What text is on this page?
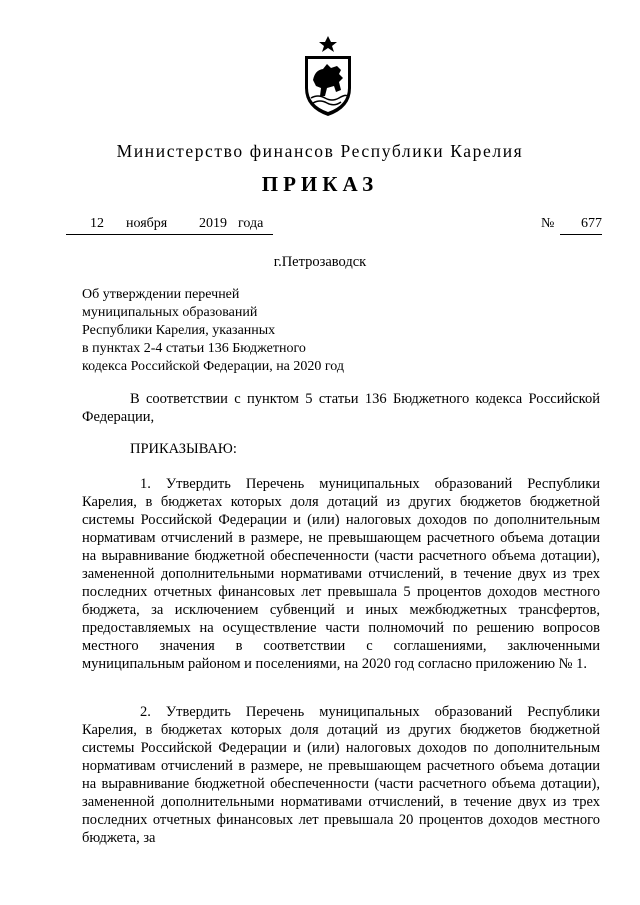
Министерство финансов Республики Карелия
ПРИКАЗ
12 ноября 2019 года	№	677
г.Петрозаводск
Об утверждении перечней
муниципальных образований
Республики Карелия, указанных
в пунктах 2-4 статьи 136 Бюджетного
кодекса Российской Федерации, на 2020 год
В соответствии с пунктом 5 статьи 136 Бюджетного кодекса Российской Федерации,
ПРИКАЗЫВАЮ:
1. Утвердить Перечень муниципальных образований Республики Карелия, в бюджетах которых доля дотаций из других бюджетов бюджетной системы Российской Федерации и (или) налоговых доходов по дополнительным нормативам отчислений в размере, не превышающем расчетного объема дотации на выравнивание бюджетной обеспеченности (части расчетного объема дотации), замененной дополнительными нормативами отчислений, в течение двух из трех последних отчетных финансовых лет превышала 5 процентов доходов местного бюджета, за исключением субвенций и иных межбюджетных трансфертов, предоставляемых на осуществление части полномочий по решению вопросов местного значения в соответствии с соглашениями, заключенными муниципальным районом и поселениями, на 2020 год согласно приложению № 1.
2. Утвердить Перечень муниципальных образований Республики Карелия, в бюджетах которых доля дотаций из других бюджетов бюджетной системы Российской Федерации и (или) налоговых доходов по дополнительным нормативам отчислений в размере, не превышающем расчетного объема дотации на выравнивание бюджетной обеспеченности (части расчетного объема дотации), замененной дополнительными нормативами отчислений, в течение двух из трех последних отчетных финансовых лет превышала 20 процентов доходов местного бюджета, за
